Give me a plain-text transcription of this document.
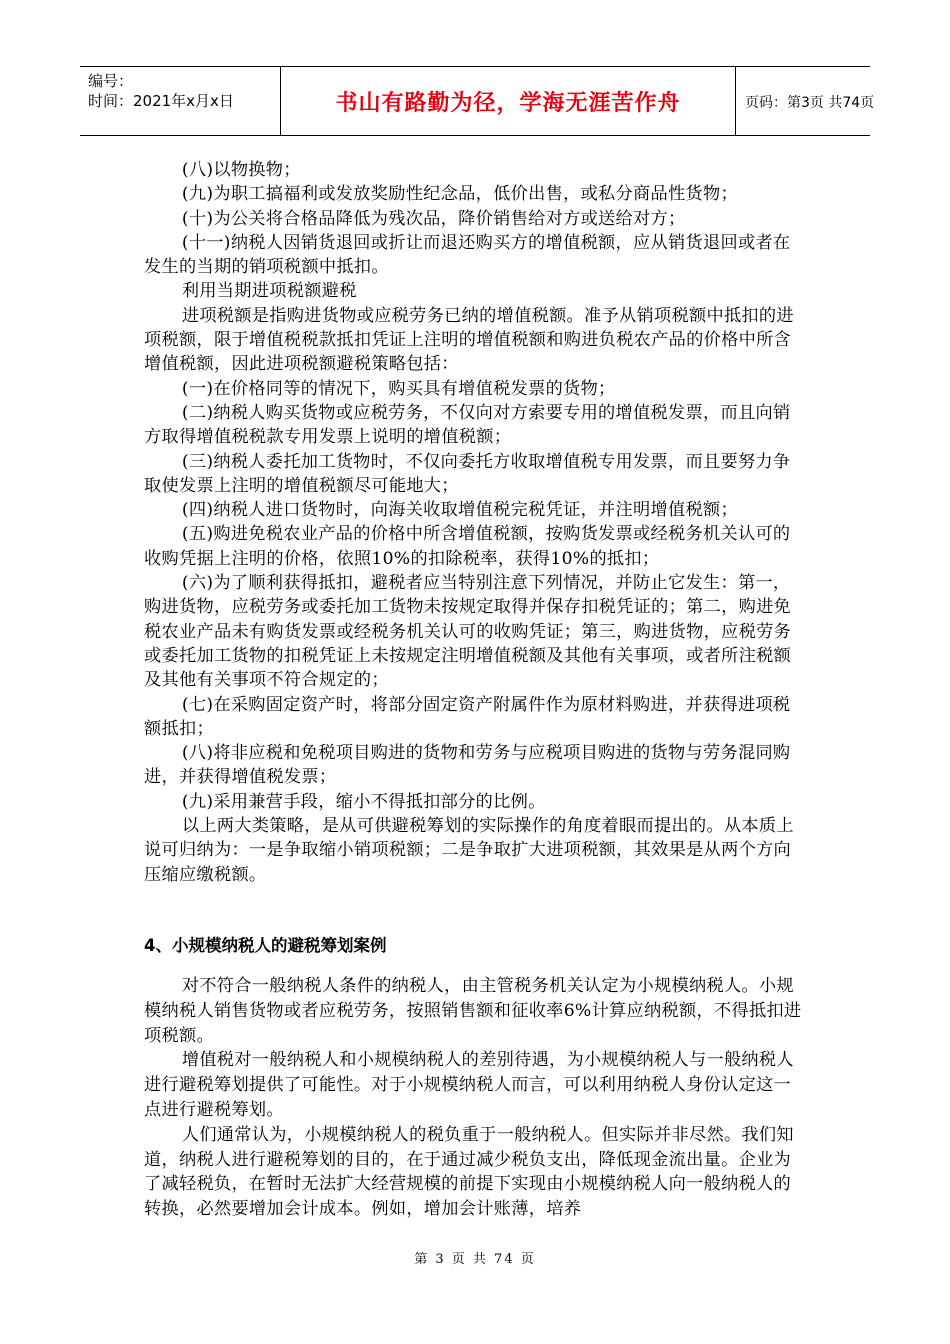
编号：
时间：2021年x月x日	书山有路勤为径，学海无涯苦作舟	页码：第3页 共74页

(八)以物换物；

(九)为职工搞福利或发放奖励性纪念品，低价出售，或私分商品性货物；

(十)为公关将合格品降低为残次品，降价销售给对方或送给对方；

(十一)纳税人因销货退回或折让而退还购买方的增值税额，应从销货退回或者在发生的当期的销项税额中抵扣。

利用当期进项税额避税

进项税额是指购进货物或应税劳务已纳的增值税额。准予从销项税额中抵扣的进项税额，限于增值税税款抵扣凭证上注明的增值税额和购进负税农产品的价格中所含增值税额，因此进项税额避税策略包括：

(一)在价格同等的情况下，购买具有增值税发票的货物；

(二)纳税人购买货物或应税劳务，不仅向对方索要专用的增值税发票，而且向销方取得增值税税款专用发票上说明的增值税额；

(三)纳税人委托加工货物时，不仅向委托方收取增值税专用发票，而且要努力争取使发票上注明的增值税额尽可能地大；

(四)纳税人进口货物时，向海关收取增值税完税凭证，并注明增值税额；

(五)购进免税农业产品的价格中所含增值税额，按购货发票或经税务机关认可的收购凭据上注明的价格，依照10%的扣除税率，获得10%的抵扣；

(六)为了顺利获得抵扣，避税者应当特别注意下列情况，并防止它发生：第一，购进货物，应税劳务或委托加工货物未按规定取得并保存扣税凭证的；第二，购进免税农业产品未有购货发票或经税务机关认可的收购凭证；第三，购进货物，应税劳务或委托加工货物的扣税凭证上未按规定注明增值税额及其他有关事项，或者所注税额及其他有关事项不符合规定的；

(七)在采购固定资产时，将部分固定资产附属件作为原材料购进，并获得进项税额抵扣；

(八)将非应税和免税项目购进的货物和劳务与应税项目购进的货物与劳务混同购进，并获得增值税发票；

(九)采用兼营手段，缩小不得抵扣部分的比例。

以上两大类策略，是从可供避税筹划的实际操作的角度着眼而提出的。从本质上说可归纳为：一是争取缩小销项税额；二是争取扩大进项税额，其效果是从两个方向压缩应缴税额。

4、小规模纳税人的避税筹划案例

对不符合一般纳税人条件的纳税人，由主管税务机关认定为小规模纳税人。小规模纳税人销售货物或者应税劳务，按照销售额和征收率6%计算应纳税额，不得抵扣进项税额。

增值税对一般纳税人和小规模纳税人的差别待遇，为小规模纳税人与一般纳税人进行避税筹划提供了可能性。对于小规模纳税人而言，可以利用纳税人身份认定这一点进行避税筹划。

人们通常认为，小规模纳税人的税负重于一般纳税人。但实际并非尽然。我们知道，纳税人进行避税筹划的目的，在于通过减少税负支出，降低现金流出量。企业为了减轻税负，在暂时无法扩大经营规模的前提下实现由小规模纳税人向一般纳税人的转换，必然要增加会计成本。例如，增加会计账薄，培养

第 3 页 共 74 页
